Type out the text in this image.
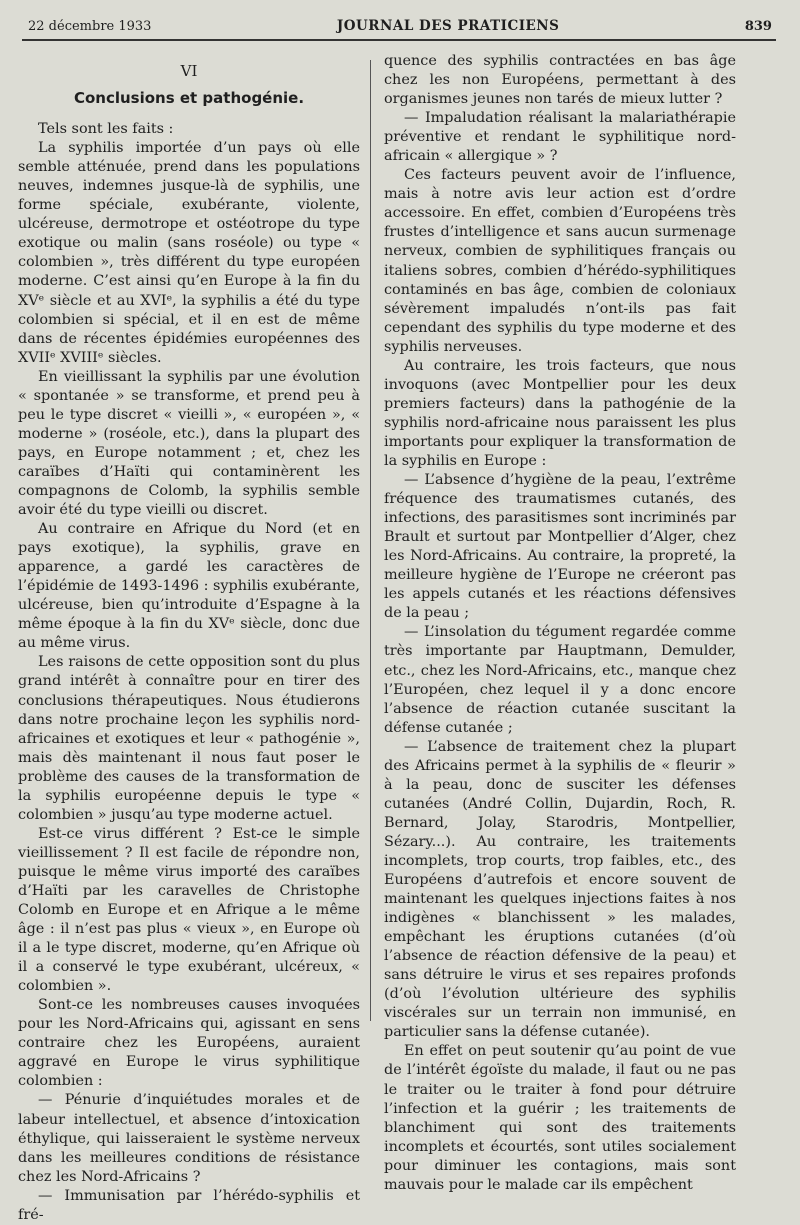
22 décembre 1933	JOURNAL DES PRATICIENS	839

VI

Conclusions et pathogénie.

Tels sont les faits :

La syphilis importée d’un pays où elle semble atténuée, prend dans les populations neuves, indemnes jusque-là de syphilis, une forme spéciale, exubérante, violente, ulcéreuse, dermotrope et ostéotrope du type exotique ou malin (sans roséole) ou type « colombien », très différent du type européen moderne. C’est ainsi qu’en Europe à la fin du XVᵉ siècle et au XVIᵉ, la syphilis a été du type colombien si spécial, et il en est de même dans de récentes épidémies européennes des XVIIᵉ XVIIIᵉ siècles.

En vieillissant la syphilis par une évolution « spontanée » se transforme, et prend peu à peu le type discret « vieilli », « européen », « moderne » (roséole, etc.), dans la plupart des pays, en Europe notamment ; et, chez les caraïbes d’Haïti qui contaminèrent les compagnons de Colomb, la syphilis semble avoir été du type vieilli ou discret.

Au contraire en Afrique du Nord (et en pays exotique), la syphilis, grave en apparence, a gardé les caractères de l’épidémie de 1493-1496 : syphilis exubérante, ulcéreuse, bien qu’introduite d’Espagne à la même époque à la fin du XVᵉ siècle, donc due au même virus.

Les raisons de cette opposition sont du plus grand intérêt à connaître pour en tirer des conclusions thérapeutiques. Nous étudierons dans notre prochaine leçon les syphilis nord-africaines et exotiques et leur « pathogénie », mais dès maintenant il nous faut poser le problème des causes de la transformation de la syphilis européenne depuis le type « colombien » jusqu’au type moderne actuel.

Est-ce virus différent ? Est-ce le simple vieillissement ? Il est facile de répondre non, puisque le même virus importé des caraïbes d’Haïti par les caravelles de Christophe Colomb en Europe et en Afrique a le même âge : il n’est pas plus « vieux », en Europe où il a le type discret, moderne, qu’en Afrique où il a conservé le type exubérant, ulcéreux, « colombien ».

Sont-ce les nombreuses causes invoquées pour les Nord-Africains qui, agissant en sens contraire chez les Européens, auraient aggravé en Europe le virus syphilitique colombien :

— Pénurie d’inquiétudes morales et de labeur intellectuel, et absence d’intoxication éthylique, qui laisseraient le système nerveux dans les meilleures conditions de résistance chez les Nord-Africains ?

— Immunisation par l’hérédo-syphilis et fré-

quence des syphilis contractées en bas âge chez les non Européens, permettant à des organismes jeunes non tarés de mieux lutter ?

— Impaludation réalisant la malariathérapie préventive et rendant le syphilitique nord-africain « allergique » ?

Ces facteurs peuvent avoir de l’influence, mais à notre avis leur action est d’ordre accessoire. En effet, combien d’Européens très frustes d’intelligence et sans aucun surmenage nerveux, combien de syphilitiques français ou italiens sobres, combien d’hérédo-syphilitiques contaminés en bas âge, combien de coloniaux sévèrement impaludés n’ont-ils pas fait cependant des syphilis du type moderne et des syphilis nerveuses.

Au contraire, les trois facteurs, que nous invoquons (avec Montpellier pour les deux premiers facteurs) dans la pathogénie de la syphilis nord-africaine nous paraissent les plus importants pour expliquer la transformation de la syphilis en Europe :

— L’absence d’hygiène de la peau, l’extrême fréquence des traumatismes cutanés, des infections, des parasitismes sont incriminés par Brault et surtout par Montpellier d’Alger, chez les Nord-Africains. Au contraire, la propreté, la meilleure hygiène de l’Europe ne créeront pas les appels cutanés et les réactions défensives de la peau ;

— L’insolation du tégument regardée comme très importante par Hauptmann, Demulder, etc., chez les Nord-Africains, etc., manque chez l’Européen, chez lequel il y a donc encore l’absence de réaction cutanée suscitant la défense cutanée ;

— L’absence de traitement chez la plupart des Africains permet à la syphilis de « fleurir » à la peau, donc de susciter les défenses cutanées (André Collin, Dujardin, Roch, R. Bernard, Jolay, Starodris, Montpellier, Sézary...). Au contraire, les traitements incomplets, trop courts, trop faibles, etc., des Européens d’autrefois et encore souvent de maintenant les quelques injections faites à nos indigènes « blanchissent » les malades, empêchant les éruptions cutanées (d’où l’absence de réaction défensive de la peau) et sans détruire le virus et ses repaires profonds (d’où l’évolution ultérieure des syphilis viscérales sur un terrain non immunisé, en particulier sans la défense cutanée).

En effet on peut soutenir qu’au point de vue de l’intérêt égoïste du malade, il faut ou ne pas le traiter ou le traiter à fond pour détruire l’infection et la guérir ; les traitements de blanchiment qui sont des traitements incomplets et écourtés, sont utiles socialement pour diminuer les contagions, mais sont mauvais pour le malade car ils empêchent
